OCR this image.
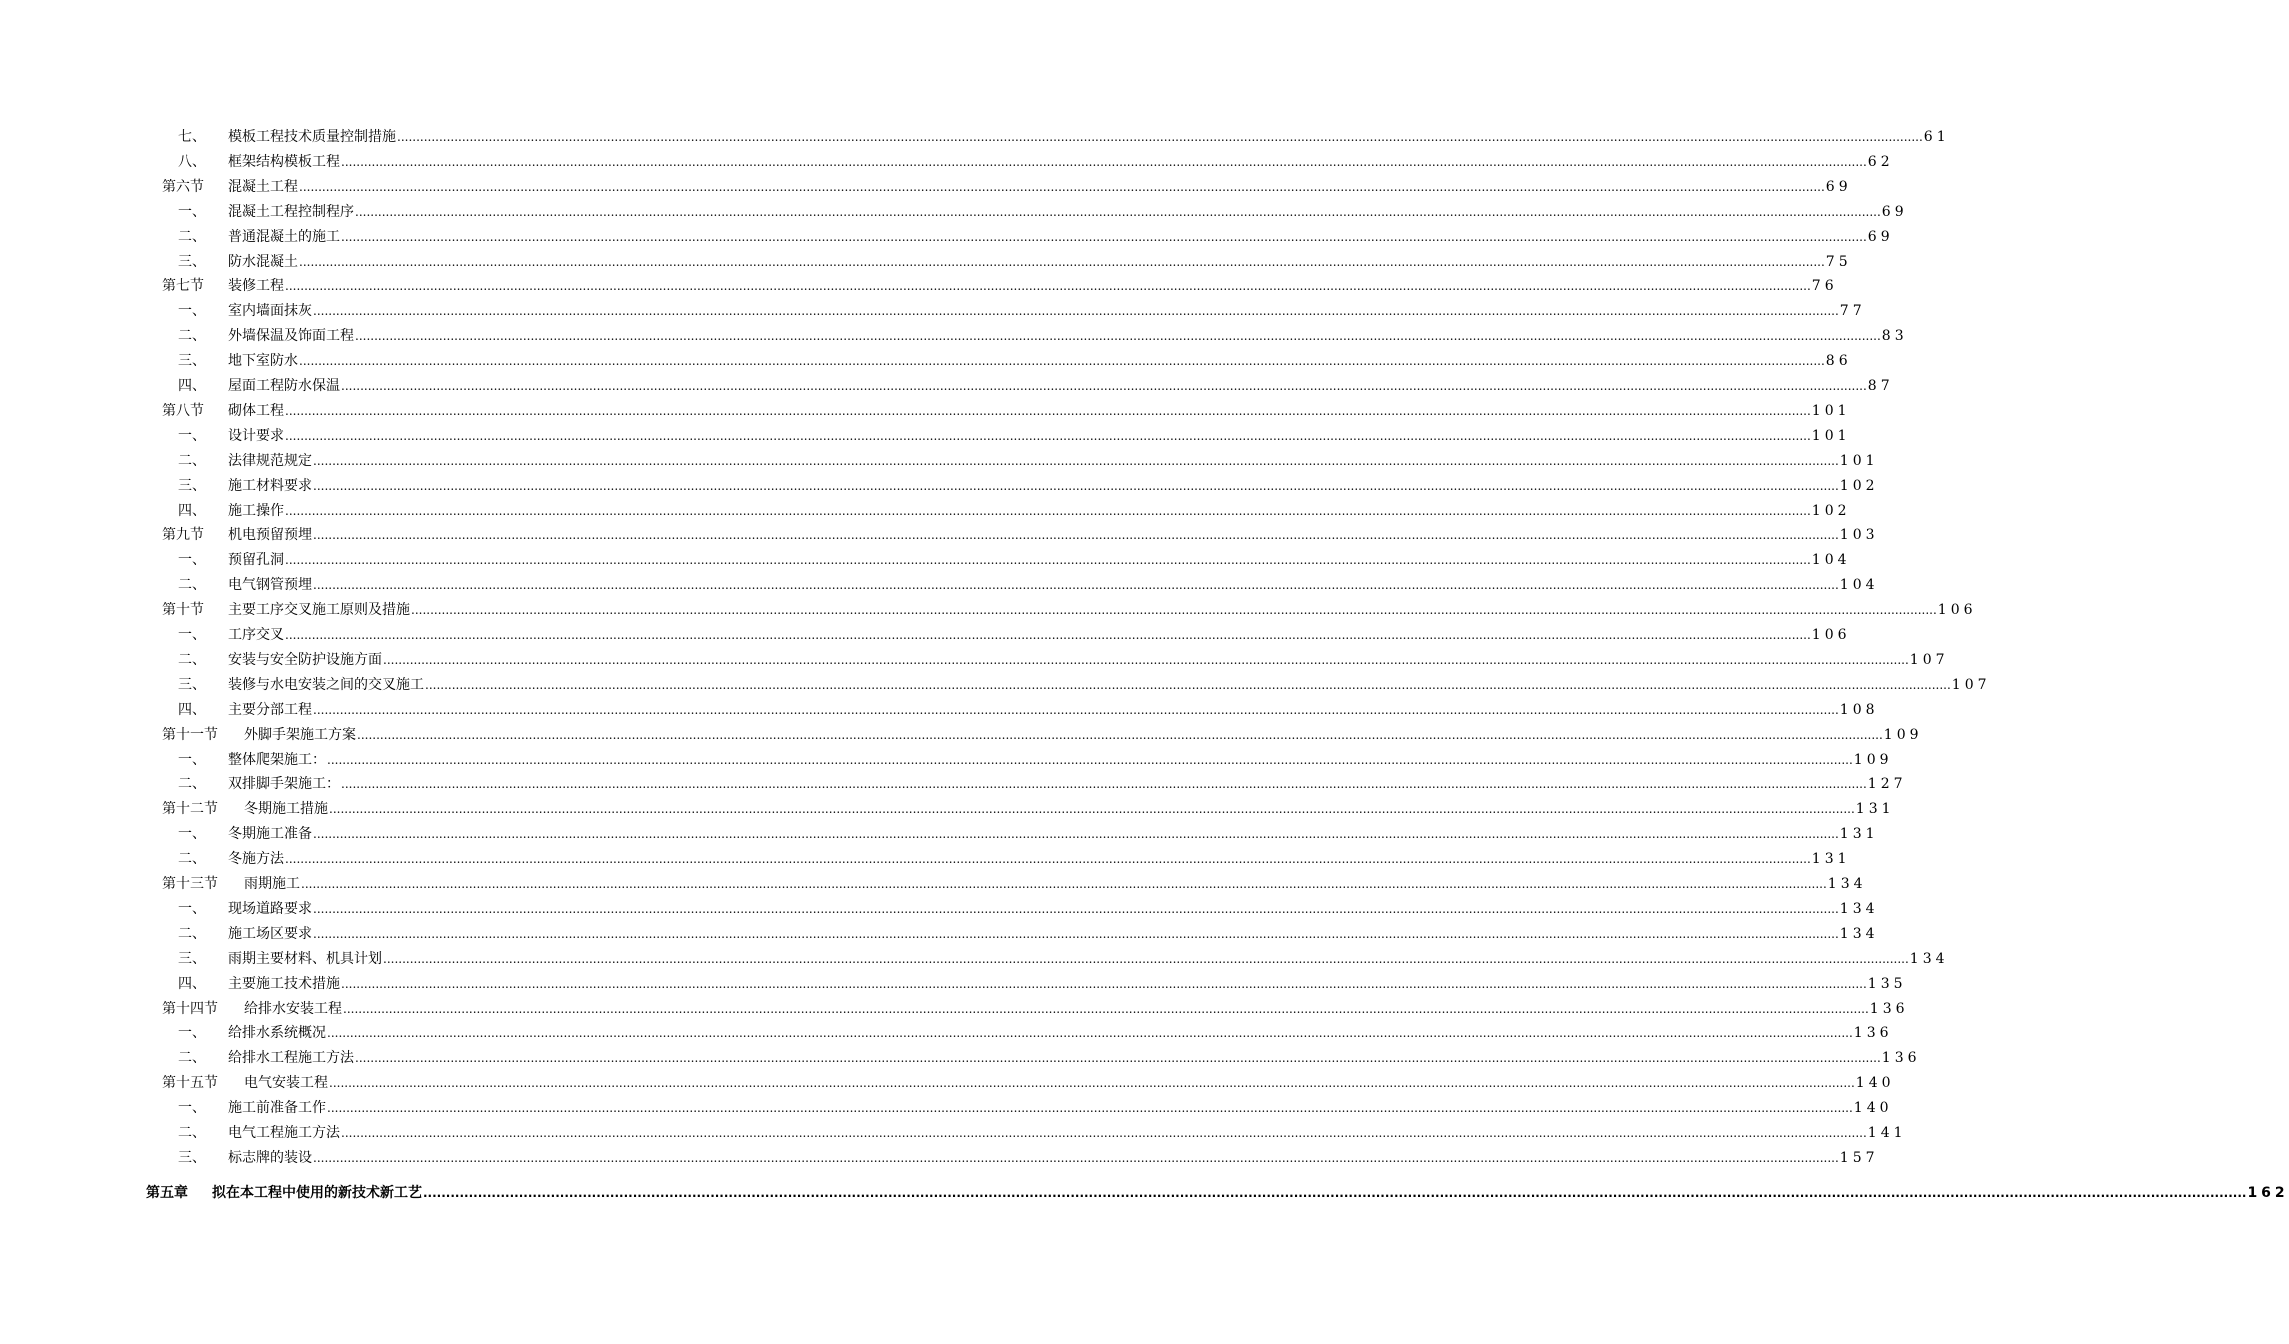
七、	模板工程技术质量控制措施 ................................................................................................................................................................................................................................................................................................................................................................................................................ 61
八、	框架结构模板工程 ................................................................................................................................................................................................................................................................................................................................................................................................................ 62
第六节	混凝土工程 ................................................................................................................................................................................................................................................................................................................................................................................................................ 69
一、	混凝土工程控制程序 ................................................................................................................................................................................................................................................................................................................................................................................................................ 69
二、	普通混凝土的施工 ................................................................................................................................................................................................................................................................................................................................................................................................................ 69
三、	防水混凝土 ................................................................................................................................................................................................................................................................................................................................................................................................................ 75
第七节	装修工程 ................................................................................................................................................................................................................................................................................................................................................................................................................ 76
一、	室内墙面抹灰 ................................................................................................................................................................................................................................................................................................................................................................................................................ 77
二、	外墙保温及饰面工程 ................................................................................................................................................................................................................................................................................................................................................................................................................ 83
三、	地下室防水 ................................................................................................................................................................................................................................................................................................................................................................................................................ 86
四、	屋面工程防水保温 ................................................................................................................................................................................................................................................................................................................................................................................................................ 87
第八节	砌体工程 ................................................................................................................................................................................................................................................................................................................................................................................................................ 101
一、	设计要求 ................................................................................................................................................................................................................................................................................................................................................................................................................ 101
二、	法律规范规定 ................................................................................................................................................................................................................................................................................................................................................................................................................ 101
三、	施工材料要求 ................................................................................................................................................................................................................................................................................................................................................................................................................ 102
四、	施工操作 ................................................................................................................................................................................................................................................................................................................................................................................................................ 102
第九节	机电预留预埋 ................................................................................................................................................................................................................................................................................................................................................................................................................ 103
一、	预留孔洞 ................................................................................................................................................................................................................................................................................................................................................................................................................ 104
二、	电气钢管预埋 ................................................................................................................................................................................................................................................................................................................................................................................................................ 104
第十节	主要工序交叉施工原则及措施 ................................................................................................................................................................................................................................................................................................................................................................................................................ 106
一、	工序交叉 ................................................................................................................................................................................................................................................................................................................................................................................................................ 106
二、	安装与安全防护设施方面 ................................................................................................................................................................................................................................................................................................................................................................................................................ 107
三、	装修与水电安装之间的交叉施工 ................................................................................................................................................................................................................................................................................................................................................................................................................ 107
四、	主要分部工程 ................................................................................................................................................................................................................................................................................................................................................................................................................ 108
第十一节	外脚手架施工方案 ................................................................................................................................................................................................................................................................................................................................................................................................................ 109
一、	整体爬架施工： ................................................................................................................................................................................................................................................................................................................................................................................................................ 109
二、	双排脚手架施工： ................................................................................................................................................................................................................................................................................................................................................................................................................ 127
第十二节	冬期施工措施 ................................................................................................................................................................................................................................................................................................................................................................................................................ 131
一、	冬期施工准备 ................................................................................................................................................................................................................................................................................................................................................................................................................ 131
二、	冬施方法 ................................................................................................................................................................................................................................................................................................................................................................................................................ 131
第十三节	雨期施工 ................................................................................................................................................................................................................................................................................................................................................................................................................ 134
一、	现场道路要求 ................................................................................................................................................................................................................................................................................................................................................................................................................ 134
二、	施工场区要求 ................................................................................................................................................................................................................................................................................................................................................................................................................ 134
三、	雨期主要材料、机具计划 ................................................................................................................................................................................................................................................................................................................................................................................................................ 134
四、	主要施工技术措施 ................................................................................................................................................................................................................................................................................................................................................................................................................ 135
第十四节	给排水安装工程 ................................................................................................................................................................................................................................................................................................................................................................................................................ 136
一、	给排水系统概况 ................................................................................................................................................................................................................................................................................................................................................................................................................ 136
二、	给排水工程施工方法 ................................................................................................................................................................................................................................................................................................................................................................................................................ 136
第十五节	电气安装工程 ................................................................................................................................................................................................................................................................................................................................................................................................................ 140
一、	施工前准备工作 ................................................................................................................................................................................................................................................................................................................................................................................................................ 140
二、	电气工程施工方法 ................................................................................................................................................................................................................................................................................................................................................................................................................ 141
三、	标志牌的装设 ................................................................................................................................................................................................................................................................................................................................................................................................................ 157
第五章	拟在本工程中使用的新技术新工艺 ................................................................................................................................................................................................................................................................................................................................................................................................................ 162
